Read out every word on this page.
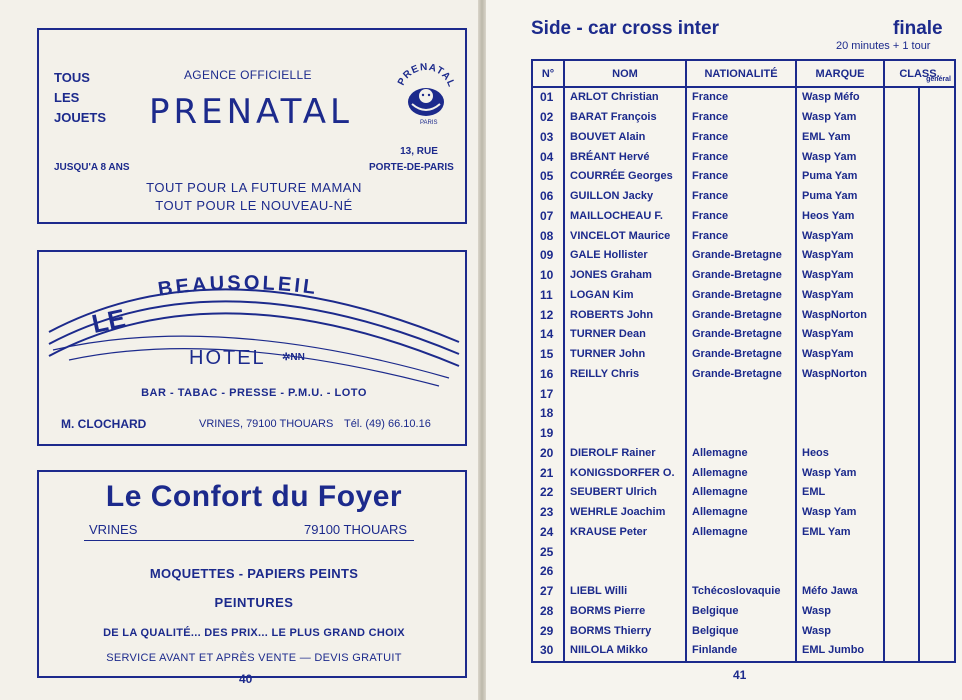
TOUS
LES
JOUETS
AGENCE OFFICIELLE
PRENATAL
PRENATAL
PARIS
JUSQU'A 8 ANS
13, RUE
PORTE-DE-PARIS
TOUT POUR LA FUTURE MAMAN
TOUT POUR LE NOUVEAU-NÉ
BEAUSOLEIL
LE
HOTEL ✲NN
BAR - TABAC - PRESSE - P.M.U. - LOTO
M. CLOCHARD	VRINES, 79100 THOUARS Tél. (49) 66.10.16
Le Confort du Foyer
VRINES	79100 THOUARS
MOQUETTES - PAPIERS PEINTS
PEINTURES
DE LA QUALITÉ... DES PRIX... LE PLUS GRAND CHOIX
SERVICE AVANT ET APRÈS VENTE — DEVIS GRATUIT
40
Side - car cross inter	finale
20 minutes + 1 tour
N°	NOM	NATIONALITÉ	MARQUE	CLASS.
général	

01	ARLOT Christian	France	Wasp Méfo		
02	BARAT François	France	Wasp Yam		
03	BOUVET Alain	France	EML Yam		
04	BRÉANT Hervé	France	Wasp Yam		
05	COURRÉE Georges	France	Puma Yam		
06	GUILLON Jacky	France	Puma Yam		
07	MAILLOCHEAU F.	France	Heos Yam		
08	VINCELOT Maurice	France	WaspYam		
09	GALE Hollister	Grande-Bretagne	WaspYam		
10	JONES Graham	Grande-Bretagne	WaspYam		
11	LOGAN Kim	Grande-Bretagne	WaspYam		
12	ROBERTS John	Grande-Bretagne	WaspNorton		
14	TURNER Dean	Grande-Bretagne	WaspYam		
15	TURNER John	Grande-Bretagne	WaspYam		
16	REILLY Chris	Grande-Bretagne	WaspNorton		
17					
18					
19					
20	DIEROLF Rainer	Allemagne	Heos		
21	KONIGSDORFER O.	Allemagne	Wasp Yam		
22	SEUBERT Ulrich	Allemagne	EML		
23	WEHRLE Joachim	Allemagne	Wasp Yam		
24	KRAUSE Peter	Allemagne	EML Yam		
25					
26					
27	LIEBL Willi	Tchécoslovaquie	Méfo Jawa		
28	BORMS Pierre	Belgique	Wasp		
29	BORMS Thierry	Belgique	Wasp		
30	NIILOLA Mikko	Finlande	EML Jumbo		
41
